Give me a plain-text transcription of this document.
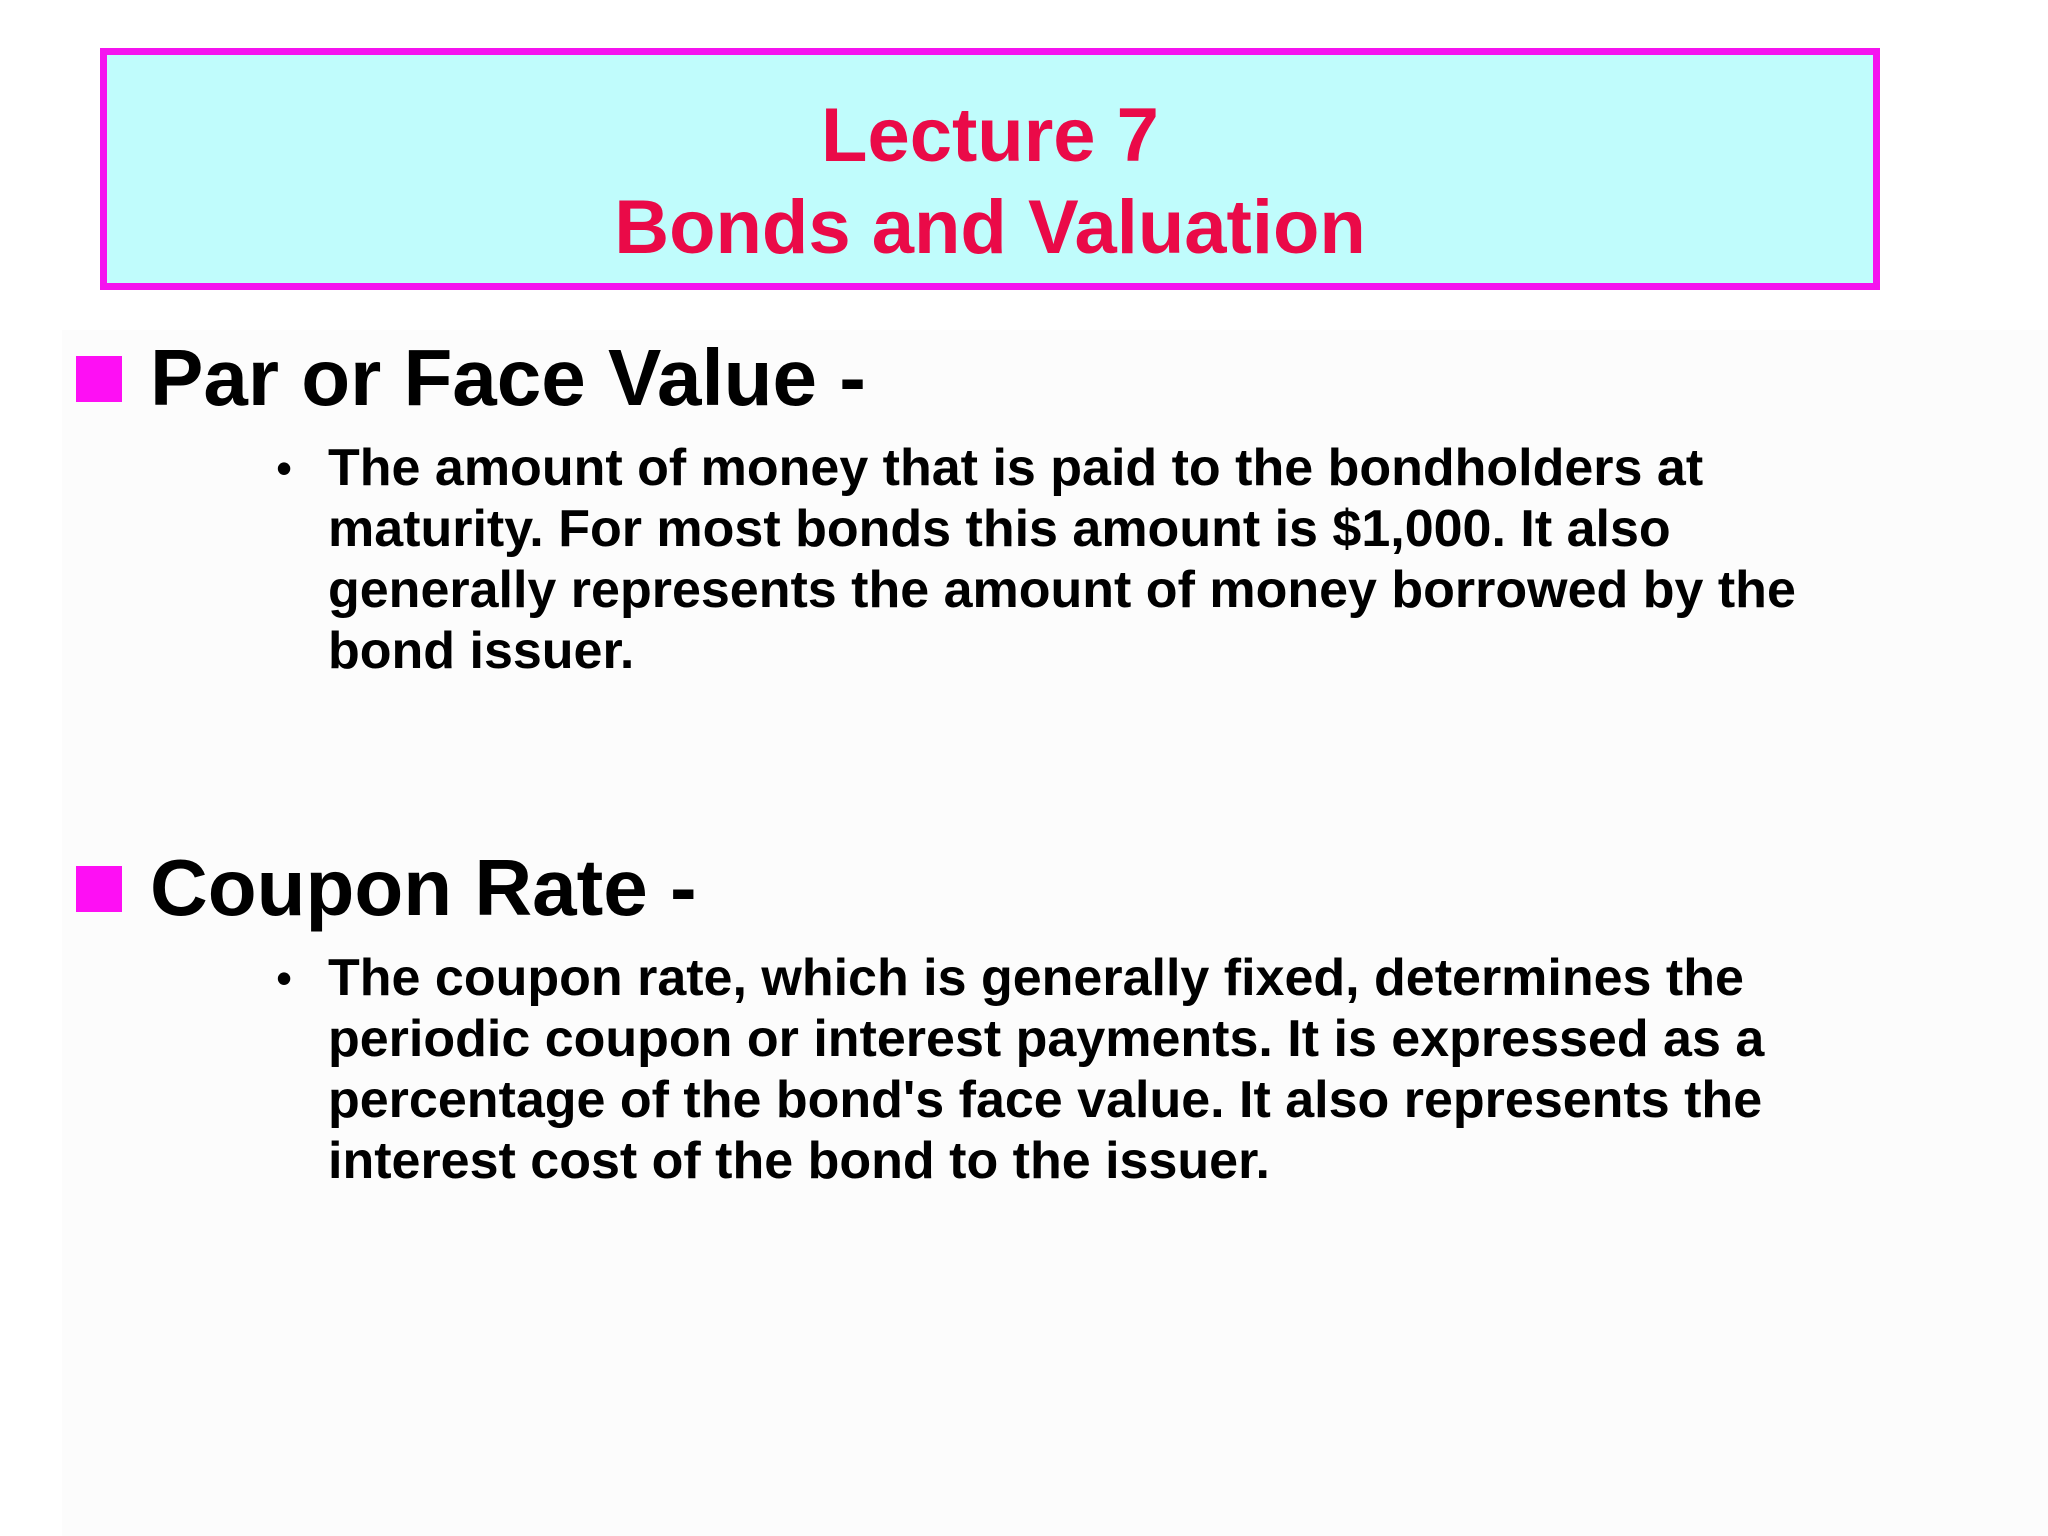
Lecture 7
Bonds and Valuation
Par or Face Value -
• The amount of money that is paid to the bondholders at
maturity. For most bonds this amount is $1,000. It also
generally represents the amount of money borrowed by the
bond issuer.
Coupon Rate -
• The coupon rate, which is generally fixed, determines the
periodic coupon or interest payments. It is expressed as a
percentage of the bond's face value. It also represents the
interest cost of the bond to the issuer.
